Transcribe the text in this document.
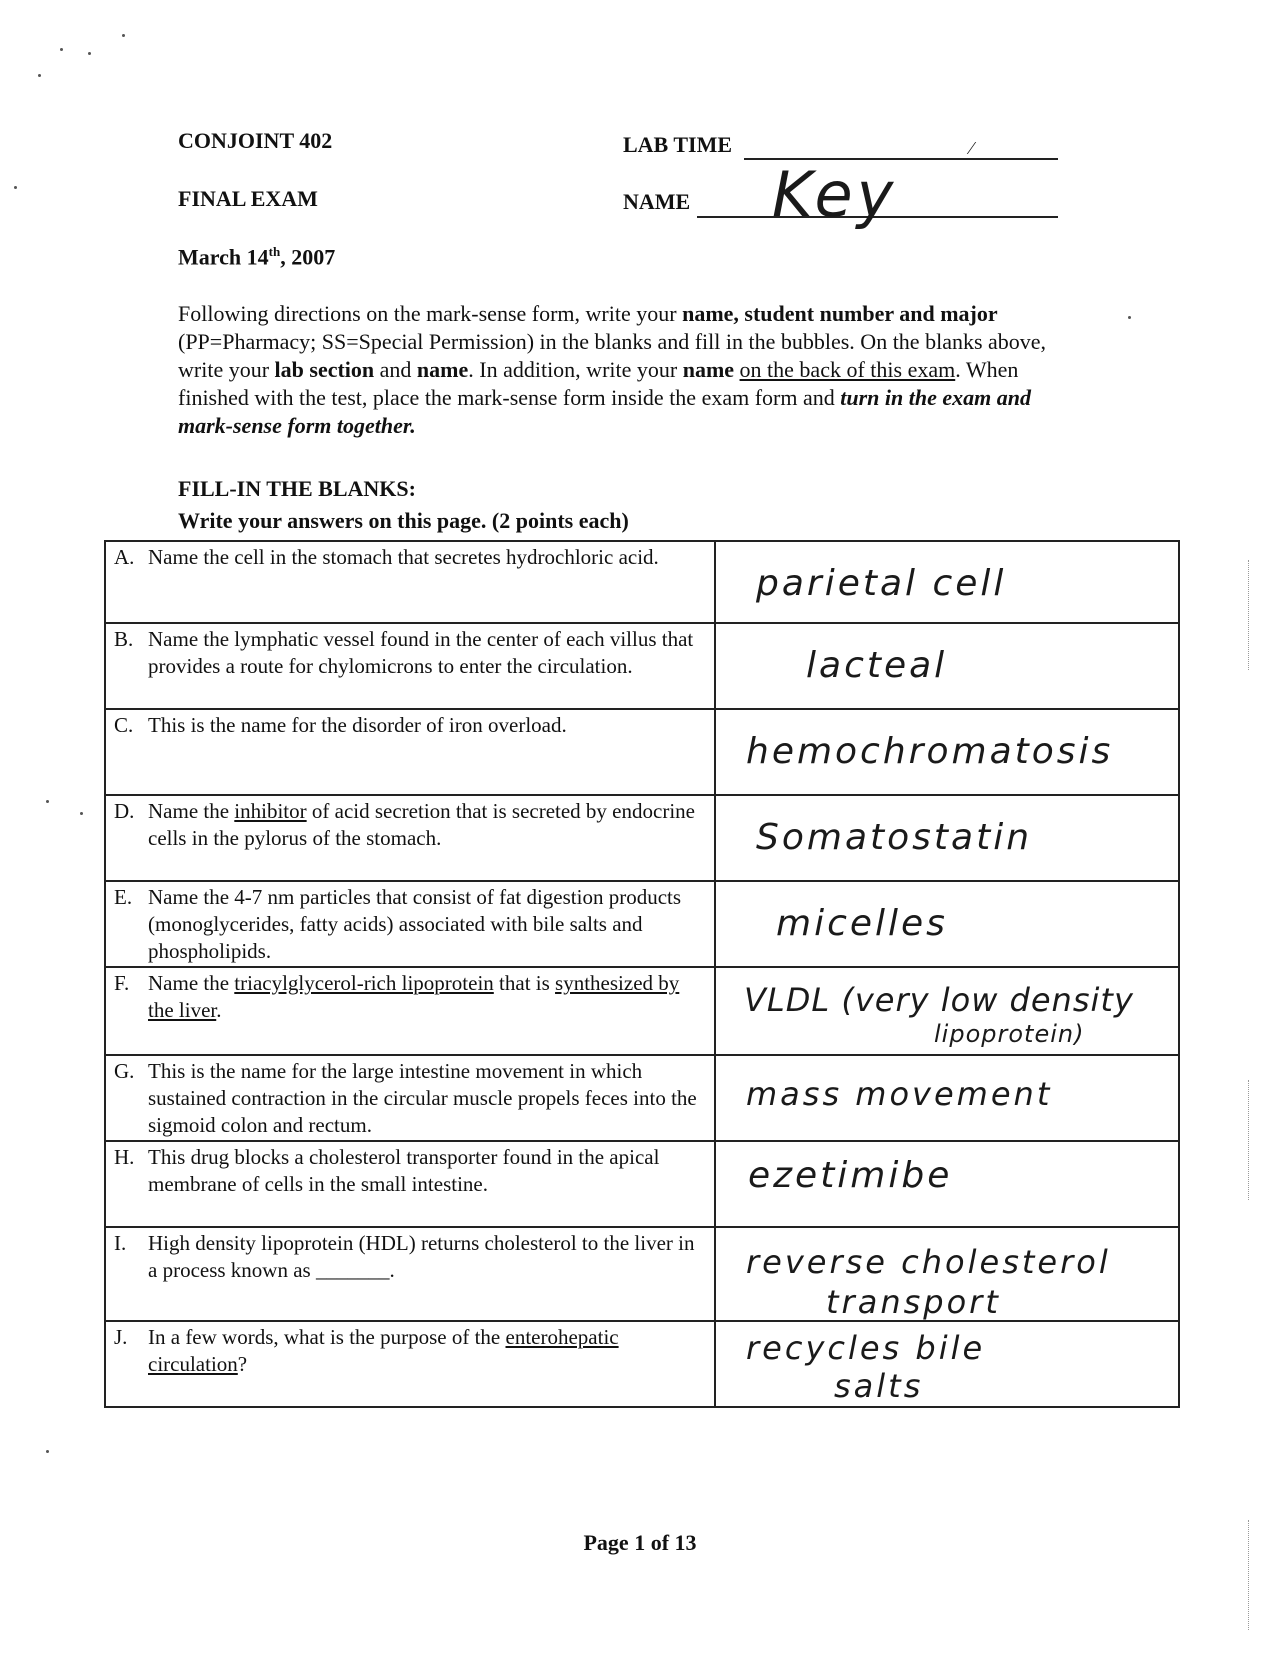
CONJOINT 402
FINAL EXAM
March 14th, 2007
LAB TIME	⁄
NAME Key
Following directions on the mark-sense form, write your name, student number and major (PP=Pharmacy; SS=Special Permission) in the blanks and fill in the bubbles. On the blanks above, write your lab section and name. In addition, write your name on the back of this exam. When finished with the test, place the mark-sense form inside the exam form and turn in the exam and mark-sense form together.
FILL-IN THE BLANKS:
Write your answers on this page. (2 points each)
A. Name the cell in the stomach that secretes hydrochloric acid.	parietal cell

B. Name the lymphatic vessel found in the center of each villus that provides a route for chylomicrons to enter the circulation.	lacteal

C. This is the name for the disorder of iron overload.	hemochromatosis

D. Name the inhibitor of acid secretion that is secreted by endocrine cells in the pylorus of the stomach.	Somatostatin

E. Name the 4-7 nm particles that consist of fat digestion products (monoglycerides, fatty acids) associated with bile salts and phospholipids.	micelles

F. Name the triacylglycerol-rich lipoprotein that is synthesized by the liver.	VLDL (very low density
lipoprotein)

G. This is the name for the large intestine movement in which sustained contraction in the circular muscle propels feces into the sigmoid colon and rectum.	mass movement

H. This drug blocks a cholesterol transporter found in the apical membrane of cells in the small intestine.	ezetimibe

I. High density lipoprotein (HDL) returns cholesterol to the liver in a process known as _______.	reverse cholesterol
transport

J. In a few words, what is the purpose of the enterohepatic circulation?	recycles bile
salts
Page 1 of 13
